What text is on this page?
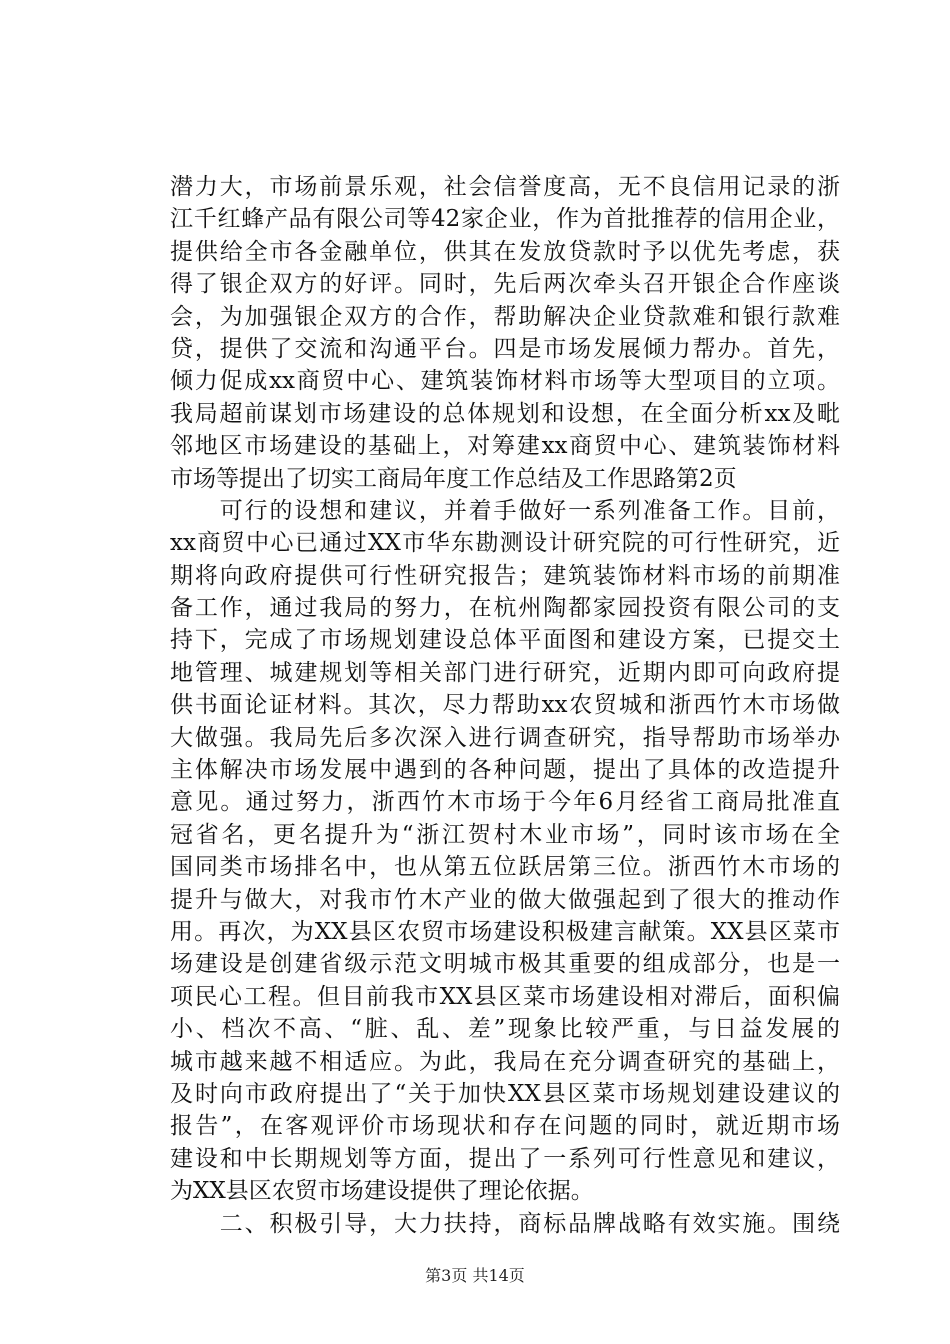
潜力大，市场前景乐观，社会信誉度高，无不良信用记录的浙
江千红蜂产品有限公司等42家企业，作为首批推荐的信用企业，
提供给全市各金融单位，供其在发放贷款时予以优先考虑，获
得了银企双方的好评。同时，先后两次牵头召开银企合作座谈
会，为加强银企双方的合作，帮助解决企业贷款难和银行款难
贷，提供了交流和沟通平台。四是市场发展倾力帮办。首先，
倾力促成xx商贸中心、建筑装饰材料市场等大型项目的立项。
我局超前谋划市场建设的总体规划和设想，在全面分析xx及毗
邻地区市场建设的基础上，对筹建xx商贸中心、建筑装饰材料
市场等提出了切实工商局年度工作总结及工作思路第2页
　　可行的设想和建议，并着手做好一系列准备工作。目前，
xx商贸中心已通过XX市华东勘测设计研究院的可行性研究，近
期将向政府提供可行性研究报告；建筑装饰材料市场的前期准
备工作，通过我局的努力，在杭州陶都家园投资有限公司的支
持下，完成了市场规划建设总体平面图和建设方案，已提交土
地管理、城建规划等相关部门进行研究，近期内即可向政府提
供书面论证材料。其次，尽力帮助xx农贸城和浙西竹木市场做
大做强。我局先后多次深入进行调查研究，指导帮助市场举办
主体解决市场发展中遇到的各种问题，提出了具体的改造提升
意见。通过努力，浙西竹木市场于今年6月经省工商局批准直
冠省名，更名提升为“浙江贺村木业市场”，同时该市场在全
国同类市场排名中，也从第五位跃居第三位。浙西竹木市场的
提升与做大，对我市竹木产业的做大做强起到了很大的推动作
用。再次，为XX县区农贸市场建设积极建言献策。XX县区菜市
场建设是创建省级示范文明城市极其重要的组成部分，也是一
项民心工程。但目前我市XX县区菜市场建设相对滞后，面积偏
小、档次不高、“脏、乱、差”现象比较严重，与日益发展的
城市越来越不相适应。为此，我局在充分调查研究的基础上，
及时向市政府提出了“关于加快XX县区菜市场规划建设建议的
报告”，在客观评价市场现状和存在问题的同时，就近期市场
建设和中长期规划等方面，提出了一系列可行性意见和建议，
为XX县区农贸市场建设提供了理论依据。
　　二、积极引导，大力扶持，商标品牌战略有效实施。围绕
第3页 共14页
